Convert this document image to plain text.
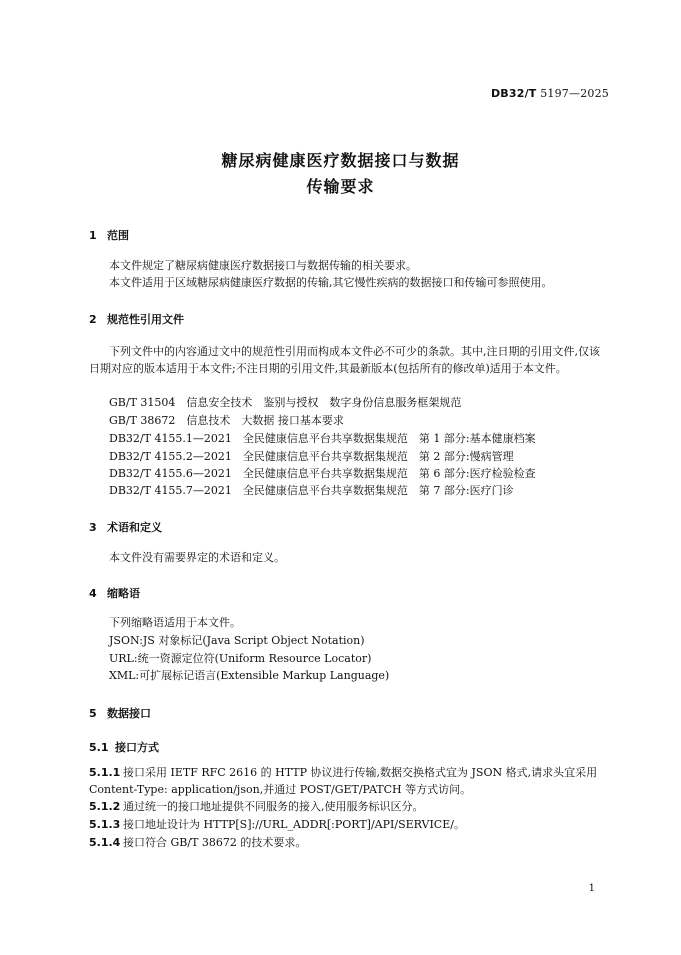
DB32/T 5197—2025
糖尿病健康医疗数据接口与数据
传输要求
1 范围
本文件规定了糖尿病健康医疗数据接口与数据传输的相关要求。
本文件适用于区域糖尿病健康医疗数据的传输,其它慢性疾病的数据接口和传输可参照使用。
2 规范性引用文件
下列文件中的内容通过文中的规范性引用而构成本文件必不可少的条款。其中,注日期的引用文件,仅该日期对应的版本适用于本文件;不注日期的引用文件,其最新版本(包括所有的修改单)适用于本文件。
GB/T 31504　信息安全技术　鉴别与授权　数字身份信息服务框架规范
GB/T 38672　信息技术　大数据 接口基本要求
DB32/T 4155.1—2021　全民健康信息平台共享数据集规范　第 1 部分:基本健康档案
DB32/T 4155.2—2021　全民健康信息平台共享数据集规范　第 2 部分:慢病管理
DB32/T 4155.6—2021　全民健康信息平台共享数据集规范　第 6 部分:医疗检验检查
DB32/T 4155.7—2021　全民健康信息平台共享数据集规范　第 7 部分:医疗门诊
3 术语和定义
本文件没有需要界定的术语和定义。
4 缩略语
下列缩略语适用于本文件。
JSON:JS 对象标记(Java Script Object Notation)
URL:统一资源定位符(Uniform Resource Locator)
XML:可扩展标记语言(Extensible Markup Language)
5 数据接口
5.1 接口方式
5.1.1 接口采用 IETF RFC 2616 的 HTTP 协议进行传输,数据交换格式宜为 JSON 格式,请求头宜采用 Content-Type: application/json,并通过 POST/GET/PATCH 等方式访问。
5.1.2 通过统一的接口地址提供不同服务的接入,使用服务标识区分。
5.1.3 接口地址设计为 HTTP[S]://URL_ADDR[:PORT]/API/SERVICE/。
5.1.4 接口符合 GB/T 38672 的技术要求。
1
